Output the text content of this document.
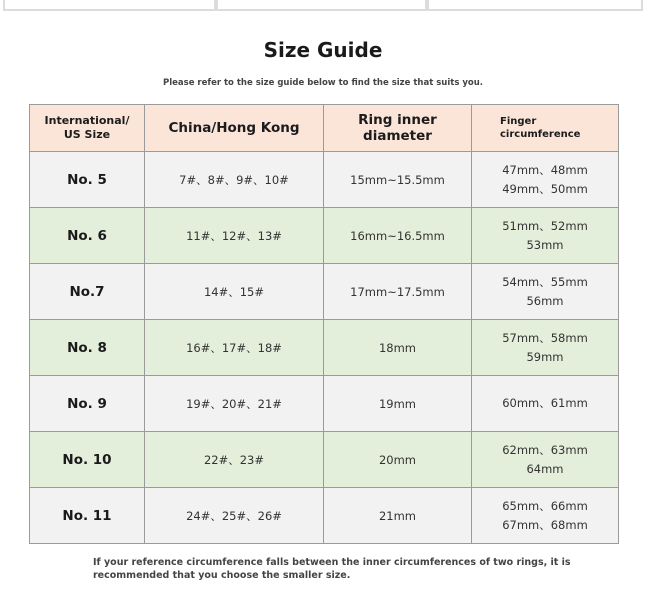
Size Guide
Please refer to the size guide below to find the size that suits you.
International/
US Size	China/Hong Kong	Ring inner diameter	Finger
circumference

No. 5	7#、8#、9#、10#	15mm~15.5mm	47mm、48mm
49mm、50mm

No. 6	11#、12#、13#	16mm~16.5mm	51mm、52mm
53mm

No.7	14#、15#	17mm~17.5mm	54mm、55mm
56mm

No. 8	16#、17#、18#	18mm	57mm、58mm
59mm

No. 9	19#、20#、21#	19mm	60mm、61mm

No. 10	22#、23#	20mm	62mm、63mm
64mm

No. 11	24#、25#、26#	21mm	65mm、66mm
67mm、68mm
If your reference circumference falls between the inner circumferences of two rings, it is
recommended that you choose the smaller size.
